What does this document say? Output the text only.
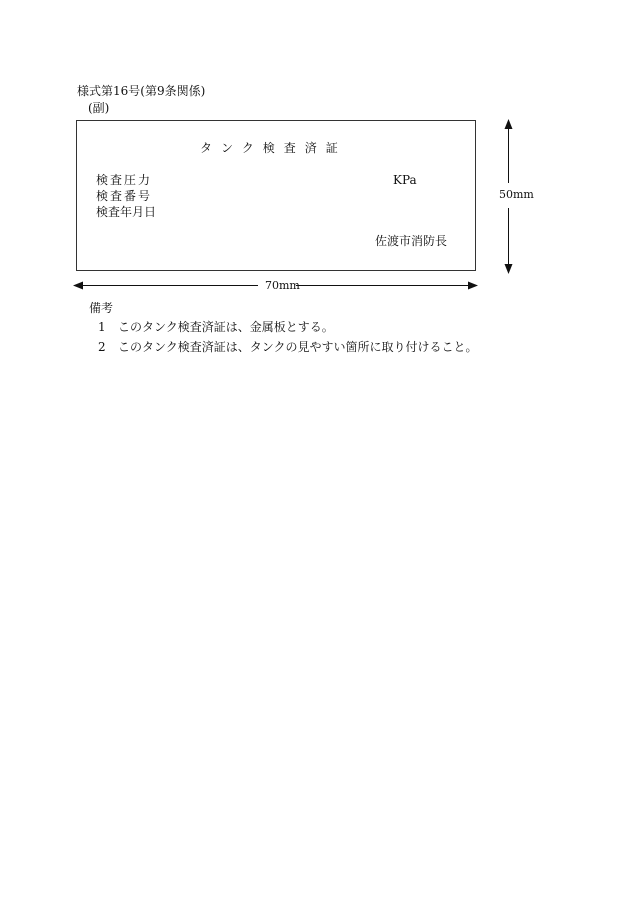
様式第16号(第9条関係)
(副)
タンク検査済証
検査圧力
検査番号
検査年月日
KPa
佐渡市消防長
70mm
50mm
備考
1 このタンク検査済証は、金属板とする。
2 このタンク検査済証は、タンクの見やすい箇所に取り付けること。
